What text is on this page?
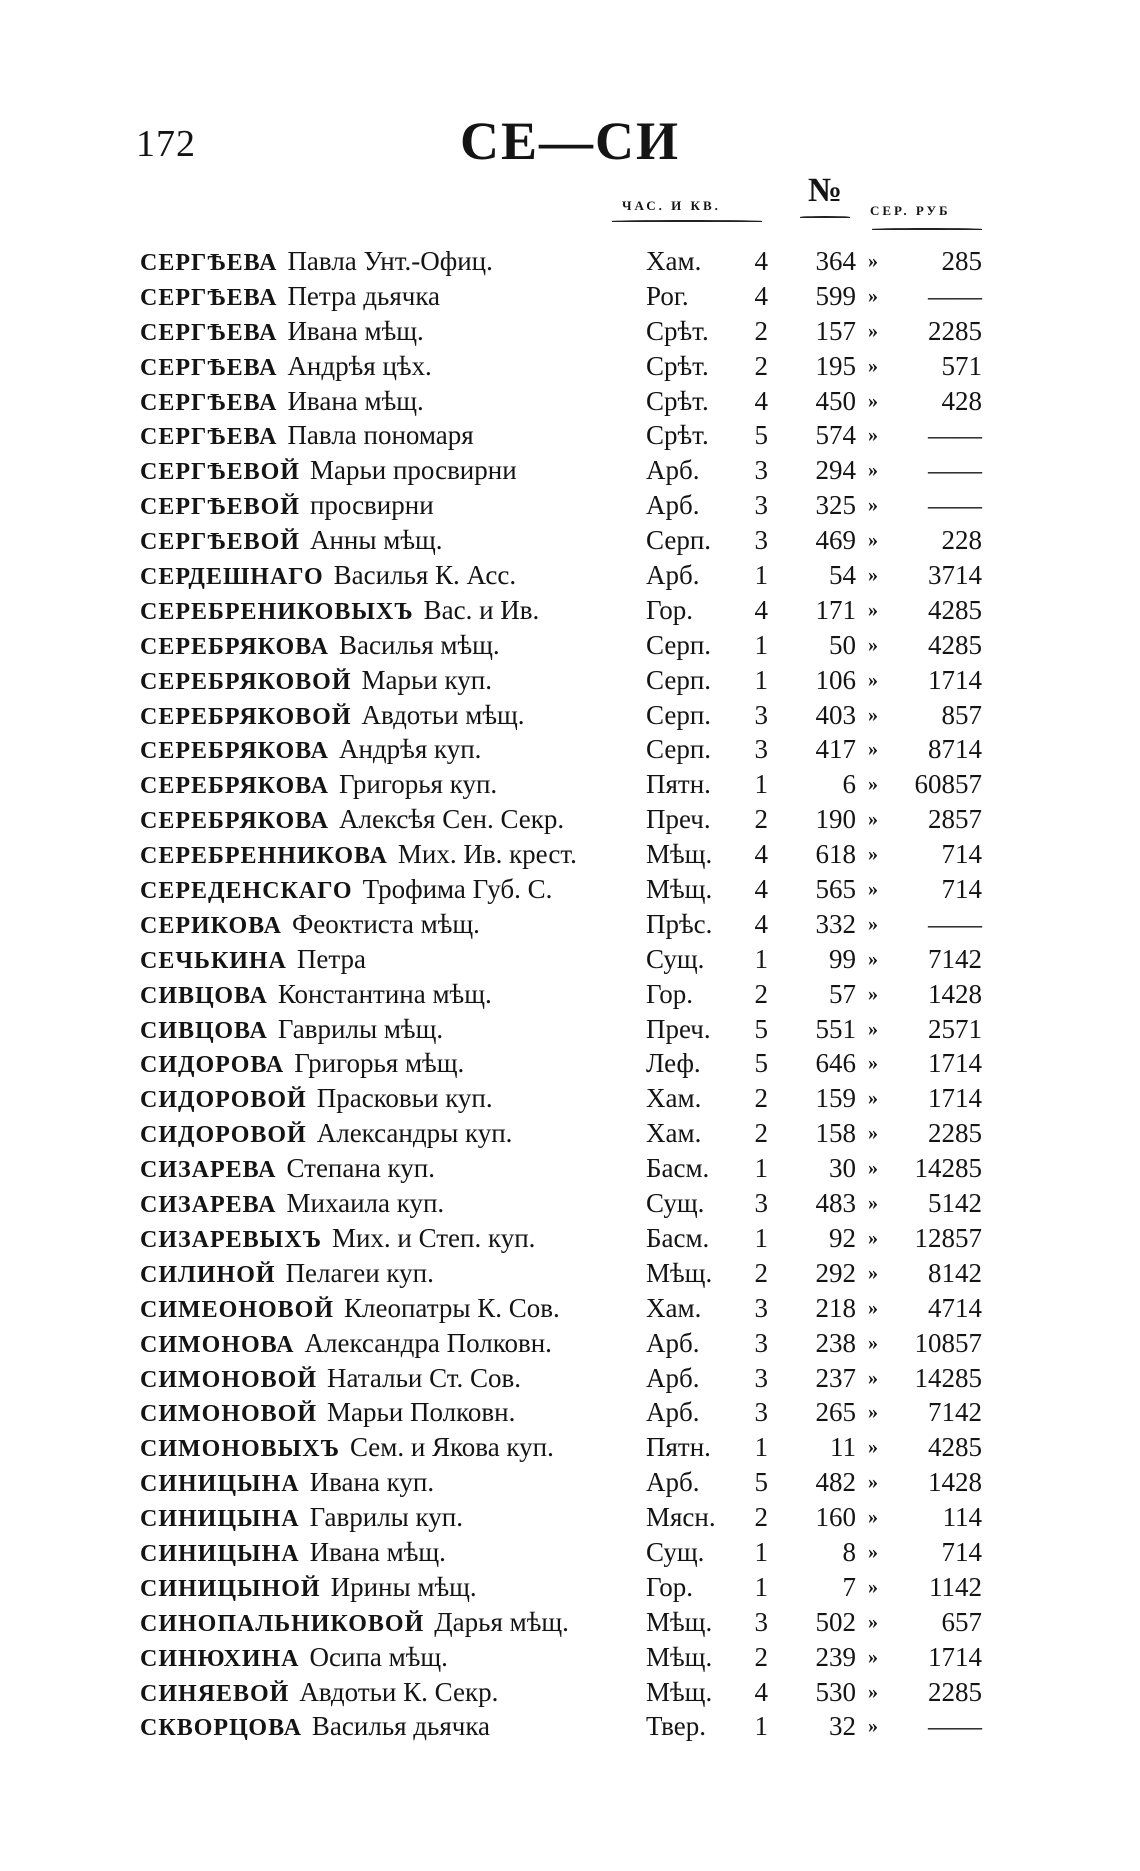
172	СЕ—СИ
ЧАС. И КВ.	№
СЕР. РУБ
СЕРГѢЕВА Павла Унт.-Офиц.	Хам.	4	364 »	285
СЕРГѢЕВА Петра дьячка	Рог.	4	599 »	——
СЕРГѢЕВА Ивана мѣщ.	Срѣт.	2	157 »	2285
СЕРГѢЕВА Андрѣя цѣх.	Срѣт.	2	195 »	571
СЕРГѢЕВА Ивана мѣщ.	Срѣт.	4	450 »	428
СЕРГѢЕВА Павла пономаря	Срѣт.	5	574 »	——
СЕРГѢЕВОЙ Марьи просвирни	Арб.	3	294 »	——
СЕРГѢЕВОЙ просвирни	Арб.	3	325 »	——
СЕРГѢЕВОЙ Анны мѣщ.	Серп.	3	469 »	228
СЕРДЕШНАГО Василья К. Асс.	Арб.	1	54 »	3714
СЕРЕБРЕНИКОВЫХЪ Вас. и Ив.	Гор.	4	171 »	4285
СЕРЕБРЯКОВА Василья мѣщ.	Серп.	1	50 »	4285
СЕРЕБРЯКОВОЙ Марьи куп.	Серп.	1	106 »	1714
СЕРЕБРЯКОВОЙ Авдотьи мѣщ.	Серп.	3	403 »	857
СЕРЕБРЯКОВА Андрѣя куп.	Серп.	3	417 »	8714
СЕРЕБРЯКОВА Григорья куп.	Пятн.	1	6 »	60857
СЕРЕБРЯКОВА Алексѣя Сен. Секр.	Преч.	2	190 »	2857
СЕРЕБРЕННИКОВА Мих. Ив. крест.	Мѣщ.	4	618 »	714
СЕРЕДЕНСКАГО Трофима Губ. С.	Мѣщ.	4	565 »	714
СЕРИКОВА Феоктиста мѣщ.	Прѣс.	4	332 »	——
СЕЧЬКИНА Петра	Сущ.	1	99 »	7142
СИВЦОВА Константина мѣщ.	Гор.	2	57 »	1428
СИВЦОВА Гаврилы мѣщ.	Преч.	5	551 »	2571
СИДОРОВА Григорья мѣщ.	Леф.	5	646 »	1714
СИДОРОВОЙ Прасковьи куп.	Хам.	2	159 »	1714
СИДОРОВОЙ Александры куп.	Хам.	2	158 »	2285
СИЗАРЕВА Степана куп.	Басм.	1	30 »	14285
СИЗАРЕВА Михаила куп.	Сущ.	3	483 »	5142
СИЗАРЕВЫХЪ Мих. и Степ. куп.	Басм.	1	92 »	12857
СИЛИНОЙ Пелагеи куп.	Мѣщ.	2	292 »	8142
СИМЕОНОВОЙ Клеопатры К. Сов.	Хам.	3	218 »	4714
СИМОНОВА Александра Полковн.	Арб.	3	238 »	10857
СИМОНОВОЙ Натальи Ст. Сов.	Арб.	3	237 »	14285
СИМОНОВОЙ Марьи Полковн.	Арб.	3	265 »	7142
СИМОНОВЫХЪ Сем. и Якова куп.	Пятн.	1	11 »	4285
СИНИЦЫНА Ивана куп.	Арб.	5	482 »	1428
СИНИЦЫНА Гаврилы куп.	Мясн.	2	160 »	114
СИНИЦЫНА Ивана мѣщ.	Сущ.	1	8 »	714
СИНИЦЫНОЙ Ирины мѣщ.	Гор.	1	7 »	1142
СИНОПАЛЬНИКОВОЙ Дарья мѣщ.	Мѣщ.	3	502 »	657
СИНЮХИНА Осипа мѣщ.	Мѣщ.	2	239 »	1714
СИНЯЕВОЙ Авдотьи К. Секр.	Мѣщ.	4	530 »	2285
СКВОРЦОВА Василья дьячка	Твер.	1	32 »	——
